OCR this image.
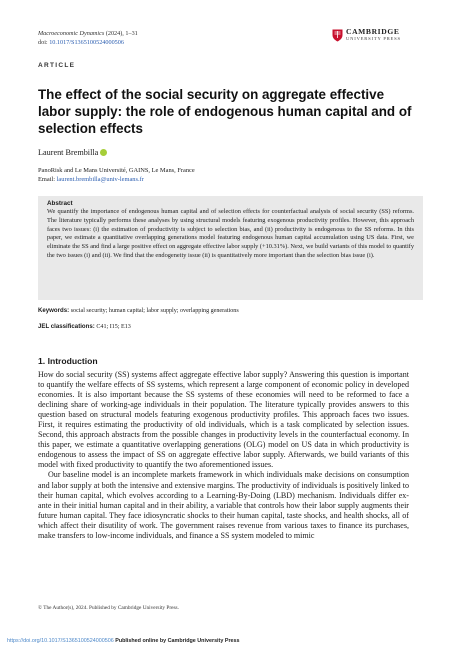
Macroeconomic Dynamics (2024), 1–31
doi: 10.1017/S1365100524000506
CAMBRIDGE
UNIVERSITY PRESS
ARTICLE
The effect of the social security on aggregate effective labor supply: the role of endogenous human capital and of selection effects
Laurent Brembilla
PanoRisk and Le Mans Université, GAINS, Le Mans, France
Email: laurent.brembilla@univ-lemans.fr
Abstract

We quantify the importance of endogenous human capital and of selection effects for counterfactual analysis of social security (SS) reforms. The literature typically performs these analyses by using structural models featuring exogenous productivity profiles. However, this approach faces two issues: (i) the estimation of productivity is subject to selection bias, and (ii) productivity is endogenous to the SS reforms. In this paper, we estimate a quantitative overlapping generations model featuring endogenous human capital accumulation using US data. First, we eliminate the SS and find a large positive effect on aggregate effective labor supply (+10.31%). Next, we build variants of this model to quantify the two issues (i) and (ii). We find that the endogeneity issue (ii) is quantitatively more important than the selection bias issue (i).

Keywords: social security; human capital; labor supply; overlapping generations
JEL classifications: C41; I15; E13
1. Introduction

How do social security (SS) systems affect aggregate effective labor supply? Answering this question is important to quantify the welfare effects of SS systems, which represent a large component of economic policy in developed economies. It is also important because the SS systems of these economies will need to be reformed to face a declining share of working-age individuals in their population. The literature typically provides answers to this question based on structural models featuring exogenous productivity profiles. This approach faces two issues. First, it requires estimating the productivity of old individuals, which is a task complicated by selection issues. Second, this approach abstracts from the possible changes in productivity levels in the counterfactual economy. In this paper, we estimate a quantitative overlapping generations (OLG) model on US data in which productivity is endogenous to assess the impact of SS on aggregate effective labor supply. Afterwards, we build variants of this model with fixed productivity to quantify the two aforementioned issues.

Our baseline model is an incomplete markets framework in which individuals make decisions on consumption and labor supply at both the intensive and extensive margins. The productivity of individuals is positively linked to their human capital, which evolves according to a Learning-By-Doing (LBD) mechanism. Individuals differ ex-ante in their initial human capital and in their ability, a variable that controls how their labor supply augments their future human capital. They face idiosyncratic shocks to their human capital, taste shocks, and health shocks, all of which affect their disutility of work. The government raises revenue from various taxes to finance its purchases, make transfers to low-income individuals, and finance a SS system modeled to mimic

© The Author(s), 2024. Published by Cambridge University Press.
https://doi.org/10.1017/S1365100524000506 Published online by Cambridge University Press
